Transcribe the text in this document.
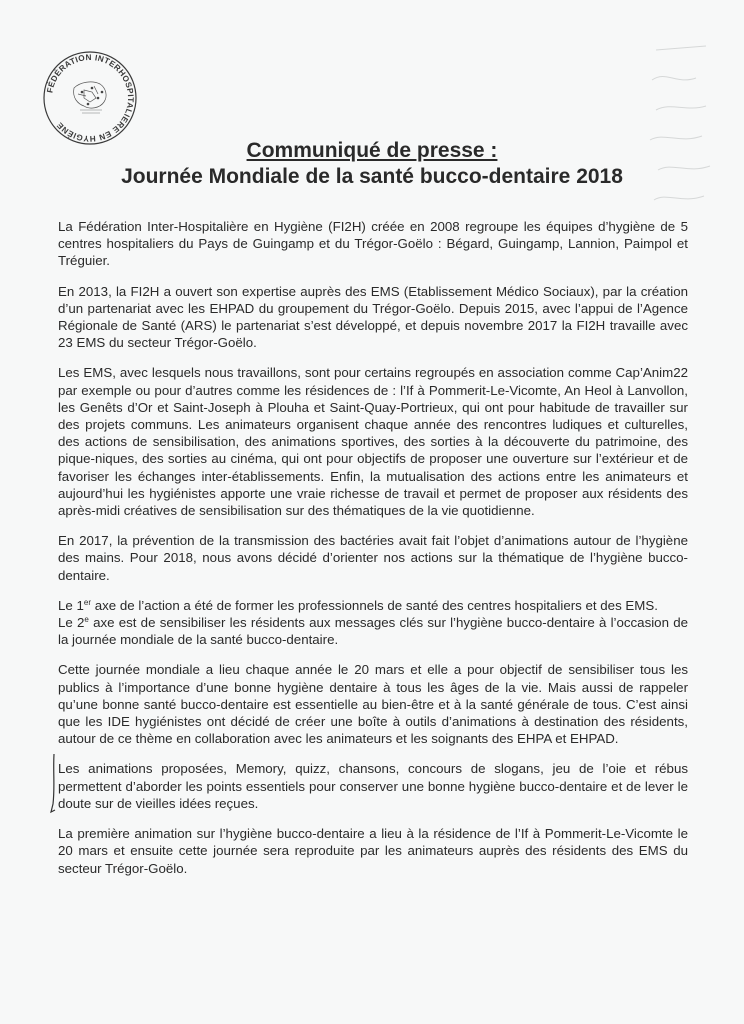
FÉDÉRATION INTERHOSPITALIERE EN HYGIÈNE
Communiqué de presse :
Journée Mondiale de la santé bucco-dentaire 2018

La Fédération Inter-Hospitalière en Hygiène (FI2H) créée en 2008 regroupe les équipes d’hygiène de 5 centres hospitaliers du Pays de Guingamp et du Trégor-Goëlo : Bégard, Guingamp, Lannion, Paimpol et Tréguier.

En 2013, la FI2H a ouvert son expertise auprès des EMS (Etablissement Médico Sociaux), par la création d’un partenariat avec les EHPAD du groupement du Trégor-Goëlo. Depuis 2015, avec l’appui de l’Agence Régionale de Santé (ARS) le partenariat s’est développé, et depuis novembre 2017 la FI2H travaille avec 23 EMS du secteur Trégor-Goëlo.

Les EMS, avec lesquels nous travaillons, sont pour certains regroupés en association comme Cap’Anim22 par exemple ou pour d’autres comme les résidences de : l’If à Pommerit-Le-Vicomte, An Heol à Lanvollon, les Genêts d’Or et Saint-Joseph à Plouha et Saint-Quay-Portrieux, qui ont pour habitude de travailler sur des projets communs. Les animateurs organisent chaque année des rencontres ludiques et culturelles, des actions de sensibilisation, des animations sportives, des sorties à la découverte du patrimoine, des pique-niques, des sorties au cinéma, qui ont pour objectifs de proposer une ouverture sur l’extérieur et de favoriser les échanges inter-établissements. Enfin, la mutualisation des actions entre les animateurs et aujourd’hui les hygiénistes apporte une vraie richesse de travail et permet de proposer aux résidents des après-midi créatives de sensibilisation sur des thématiques de la vie quotidienne.

En 2017, la prévention de la transmission des bactéries avait fait l’objet d’animations autour de l’hygiène des mains. Pour 2018, nous avons décidé d’orienter nos actions sur la thématique de l’hygiène bucco-dentaire.

Le 1er axe de l’action a été de former les professionnels de santé des centres hospitaliers et des EMS.
Le 2e axe est de sensibiliser les résidents aux messages clés sur l’hygiène bucco-dentaire à l’occasion de la journée mondiale de la santé bucco-dentaire.

Cette journée mondiale a lieu chaque année le 20 mars et elle a pour objectif de sensibiliser tous les publics à l’importance d’une bonne hygiène dentaire à tous les âges de la vie. Mais aussi de rappeler qu’une bonne santé bucco-dentaire est essentielle au bien-être et à la santé générale de tous. C’est ainsi que les IDE hygiénistes ont décidé de créer une boîte à outils d’animations à destination des résidents, autour de ce thème en collaboration avec les animateurs et les soignants des EHPA et EHPAD.

Les animations proposées, Memory, quizz, chansons, concours de slogans, jeu de l’oie et rébus permettent d’aborder les points essentiels pour conserver une bonne hygiène bucco-dentaire et de lever le doute sur de vieilles idées reçues.

La première animation sur l’hygiène bucco-dentaire a lieu à la résidence de l’If à Pommerit-Le-Vicomte le 20 mars et ensuite cette journée sera reproduite par les animateurs auprès des résidents des EMS du secteur Trégor-Goëlo.
